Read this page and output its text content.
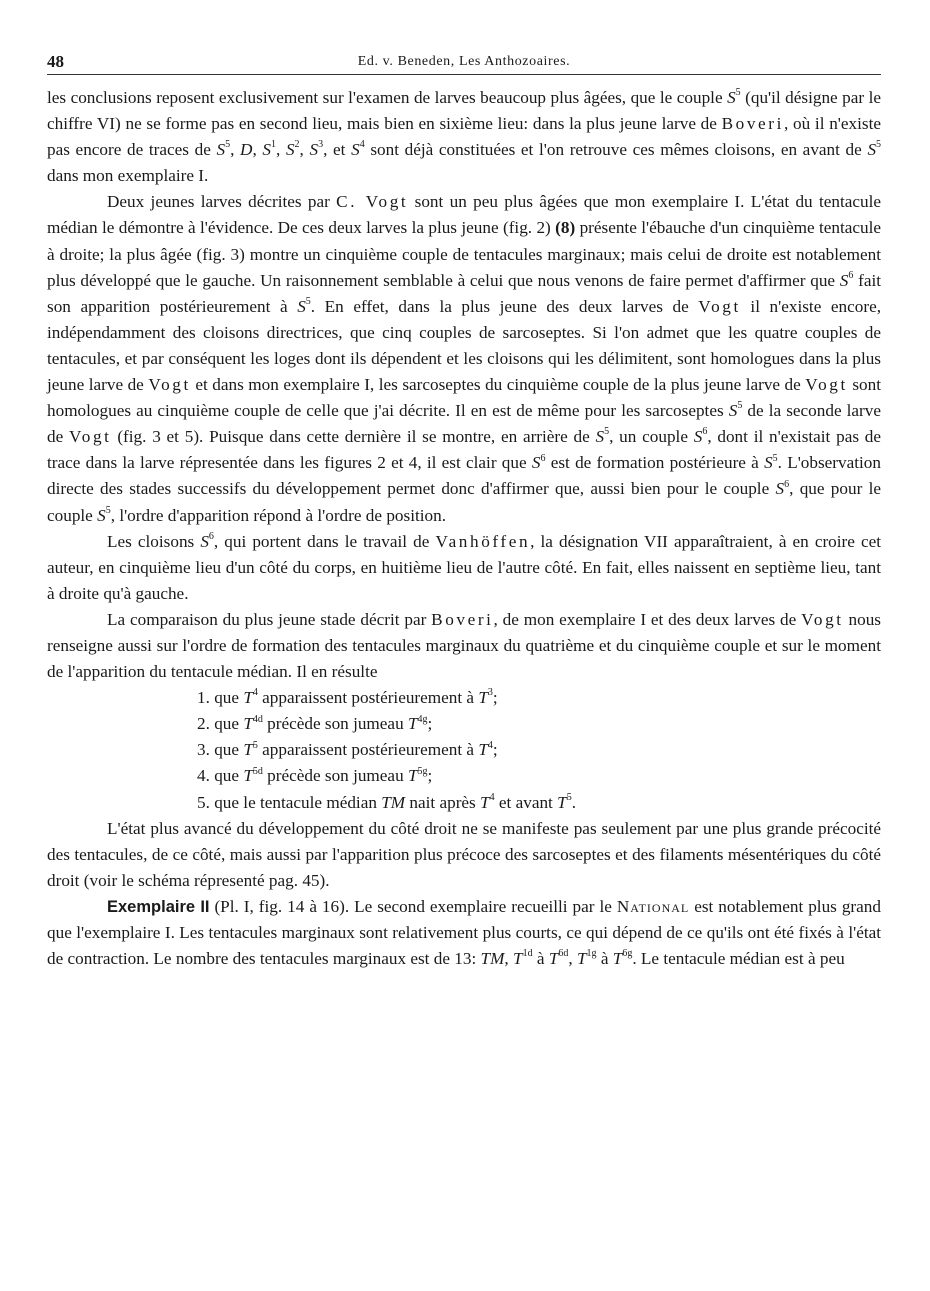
48	Ed. v. Beneden, Les Anthozoaires.

les conclusions reposent exclusivement sur l'examen de larves beaucoup plus âgées, que le couple $S^5$ (qu'il désigne par le chiffre VI) ne se forme pas en second lieu, mais bien en sixième lieu: dans la plus jeune larve de Boveri, où il n'existe pas encore de traces de $S^5$, D, $S^1$, $S^2$, $S^3$, et $S^4$ sont déjà constituées et l'on retrouve ces mêmes cloisons, en avant de $S^5$ dans mon exemplaire I.

Deux jeunes larves décrites par C. Vogt sont un peu plus âgées que mon exemplaire I. L'état du tentacule médian le démontre à l'évidence. De ces deux larves la plus jeune (fig. 2) (8) présente l'ébauche d'un cinquième tentacule à droite; la plus âgée (fig. 3) montre un cinquième couple de tentacules marginaux; mais celui de droite est notablement plus développé que le gauche. Un raisonnement semblable à celui que nous venons de faire permet d'affirmer que $S^6$ fait son apparition postérieurement à $S^5$. En effet, dans la plus jeune des deux larves de Vogt il n'existe encore, indépendamment des cloisons directrices, que cinq couples de sarcoseptes. Si l'on admet que les quatre couples de tentacules, et par conséquent les loges dont ils dépendent et les cloisons qui les délimitent, sont homologues dans la plus jeune larve de Vogt et dans mon exemplaire I, les sarcoseptes du cinquième couple de la plus jeune larve de Vogt sont homologues au cinquième couple de celle que j'ai décrite. Il en est de même pour les sarcoseptes $S^5$ de la seconde larve de Vogt (fig. 3 et 5). Puisque dans cette dernière il se montre, en arrière de $S^5$, un couple $S^6$, dont il n'existait pas de trace dans la larve répresentée dans les figures 2 et 4, il est clair que $S^6$ est de formation postérieure à $S^5$. L'observation directe des stades successifs du développement permet donc d'affirmer que, aussi bien pour le couple $S^6$, que pour le couple $S^5$, l'ordre d'apparition répond à l'ordre de position.

Les cloisons $S^6$, qui portent dans le travail de Vanhöffen, la désignation VII apparaîtraient, à en croire cet auteur, en cinquième lieu d'un côté du corps, en huitième lieu de l'autre côté. En fait, elles naissent en septième lieu, tant à droite qu'à gauche.

La comparaison du plus jeune stade décrit par Boveri, de mon exemplaire I et des deux larves de Vogt nous renseigne aussi sur l'ordre de formation des tentacules marginaux du quatrième et du cinquième couple et sur le moment de l'apparition du tentacule médian. Il en résulte

1. que $T^4$ apparaissent postérieurement à $T^3$;
2. que $T^{4d}$ précède son jumeau $T^{4g}$;
3. que $T^5$ apparaissent postérieurement à $T^4$;
4. que $T^{5d}$ précède son jumeau $T^{5g}$;
5. que le tentacule médian TM nait après $T^4$ et avant $T^5$.

L'état plus avancé du développement du côté droit ne se manifeste pas seulement par une plus grande précocité des tentacules, de ce côté, mais aussi par l'apparition plus précoce des sarcoseptes et des filaments mésentériques du côté droit (voir le schéma répresenté pag. 45).

Exemplaire II (Pl. I, fig. 14 à 16). Le second exemplaire recueilli par le National est notablement plus grand que l'exemplaire I. Les tentacules marginaux sont relativement plus courts, ce qui dépend de ce qu'ils ont été fixés à l'état de contraction. Le nombre des tentacules marginaux est de 13: TM, $T^{1d}$ à $T^{6d}$, $T^{1g}$ à $T^{6g}$. Le tentacule médian est à peu
